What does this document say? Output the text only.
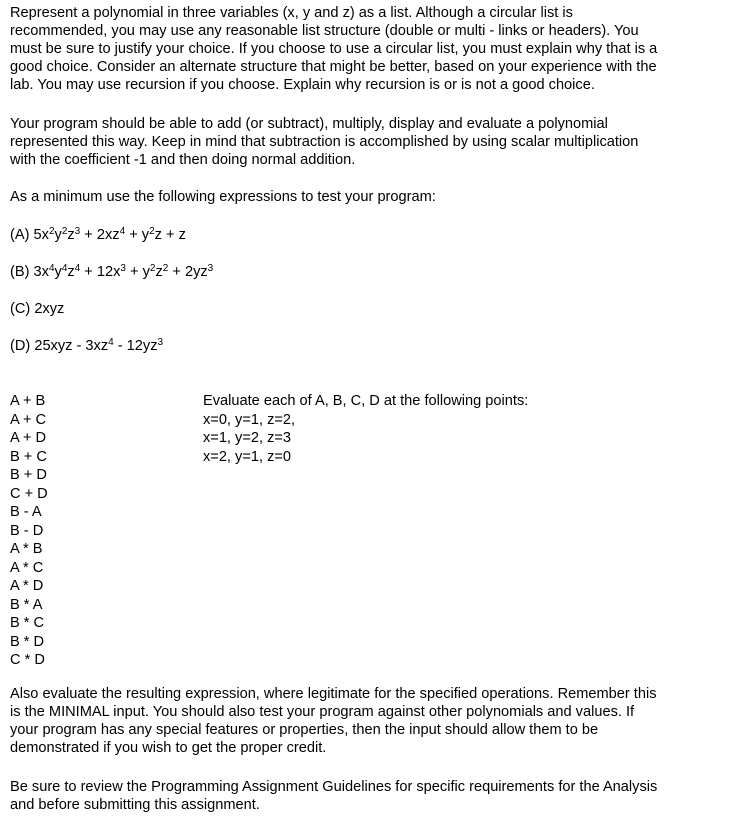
Represent a polynomial in three variables (x, y and z) as a list. Although a circular list is
recommended, you may use any reasonable list structure (double or multi - links or headers). You
must be sure to justify your choice. If you choose to use a circular list, you must explain why that is a
good choice. Consider an alternate structure that might be better, based on your experience with the
lab. You may use recursion if you choose. Explain why recursion is or is not a good choice.
Your program should be able to add (or subtract), multiply, display and evaluate a polynomial
represented this way. Keep in mind that subtraction is accomplished by using scalar multiplication
with the coefficient -1 and then doing normal addition.
As a minimum use the following expressions to test your program:
(A) $5x^2y^2z^3 + 2xz^4 + y^2z + z$
(B) $3x^4y^4z^4 + 12x^3 + y^2z^2 + 2yz^3$
(C) 2xyz
(D) $25xyz - 3xz^4 - 12yz^3$
A + B
A + C
A + D
B + C
B + D
C + D
B - A
B - D
A * B
A * C
A * D
B * A
B * C
B * D
C * D
Evaluate each of A, B, C, D at the following points:
x=0, y=1, z=2,
x=1, y=2, z=3
x=2, y=1, z=0
Also evaluate the resulting expression, where legitimate for the specified operations. Remember this
is the MINIMAL input. You should also test your program against other polynomials and values. If
your program has any special features or properties, then the input should allow them to be
demonstrated if you wish to get the proper credit.
Be sure to review the Programming Assignment Guidelines for specific requirements for the Analysis
and before submitting this assignment.
